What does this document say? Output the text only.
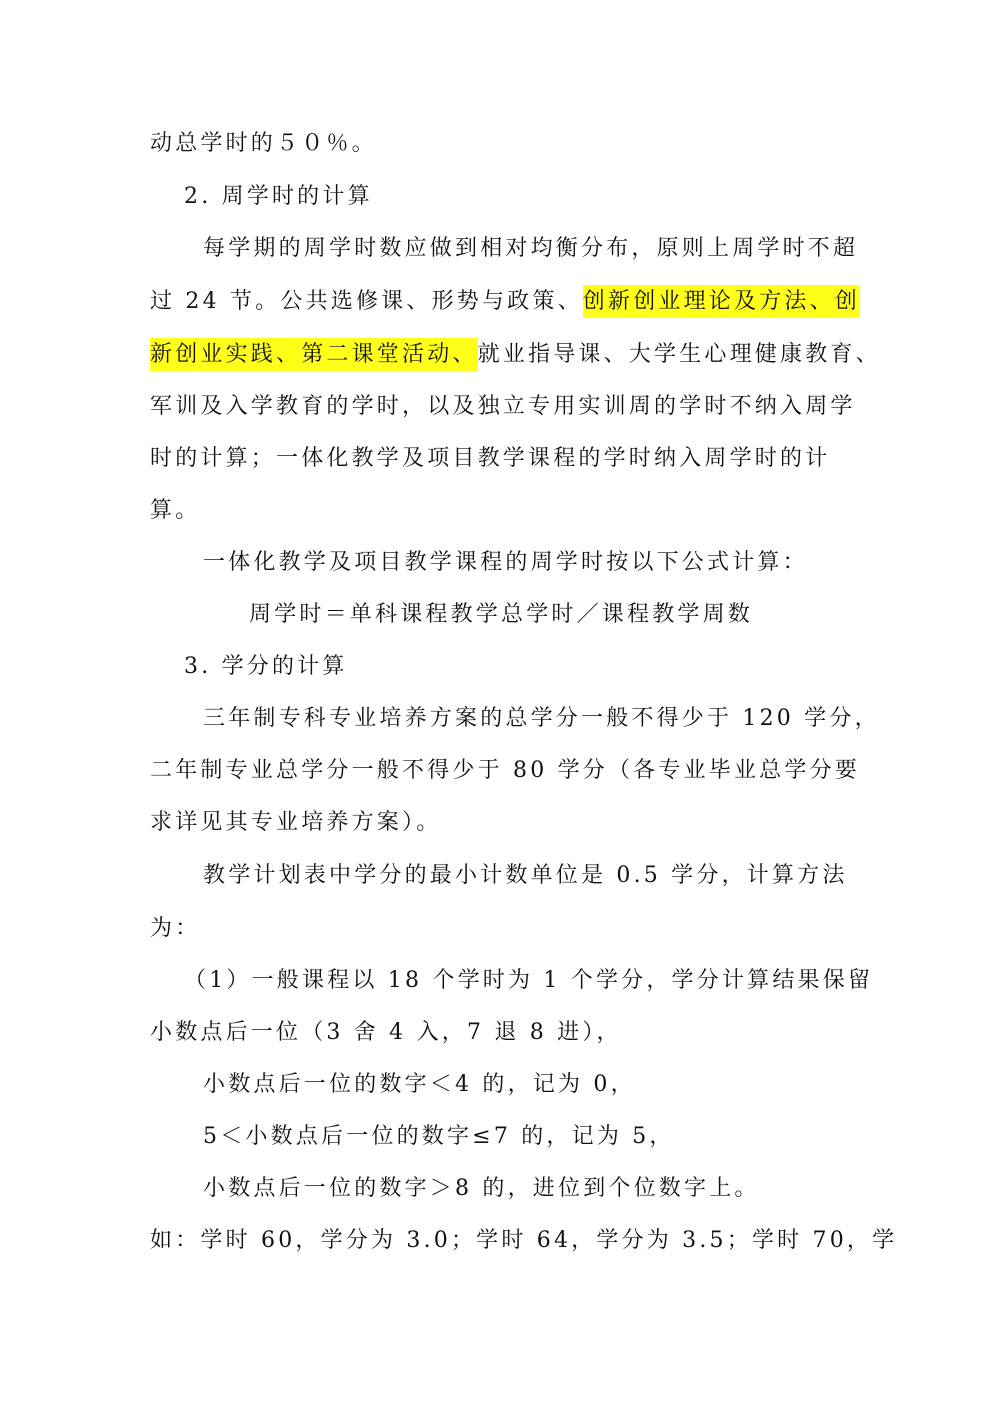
动总学时的５０％。
2. 周学时的计算
每学期的周学时数应做到相对均衡分布，原则上周学时不超
过 24 节。公共选修课、形势与政策、创新创业理论及方法、创
新创业实践、第二课堂活动、就业指导课、大学生心理健康教育、
军训及入学教育的学时，以及独立专用实训周的学时不纳入周学
时的计算；一体化教学及项目教学课程的学时纳入周学时的计
算。
一体化教学及项目教学课程的周学时按以下公式计算：
周学时＝单科课程教学总学时／课程教学周数
3. 学分的计算
三年制专科专业培养方案的总学分一般不得少于 120 学分，
二年制专业总学分一般不得少于 80 学分（各专业毕业总学分要
求详见其专业培养方案）。
教学计划表中学分的最小计数单位是 0.5 学分，计算方法
为：
（1）一般课程以 18 个学时为 1 个学分，学分计算结果保留
小数点后一位（3 舍 4 入，7 退 8 进），
小数点后一位的数字＜4 的，记为 0，
5＜小数点后一位的数字≤7 的，记为 5，
小数点后一位的数字＞8 的，进位到个位数字上。
如：学时 60，学分为 3.0；学时 64，学分为 3.5；学时 70，学
